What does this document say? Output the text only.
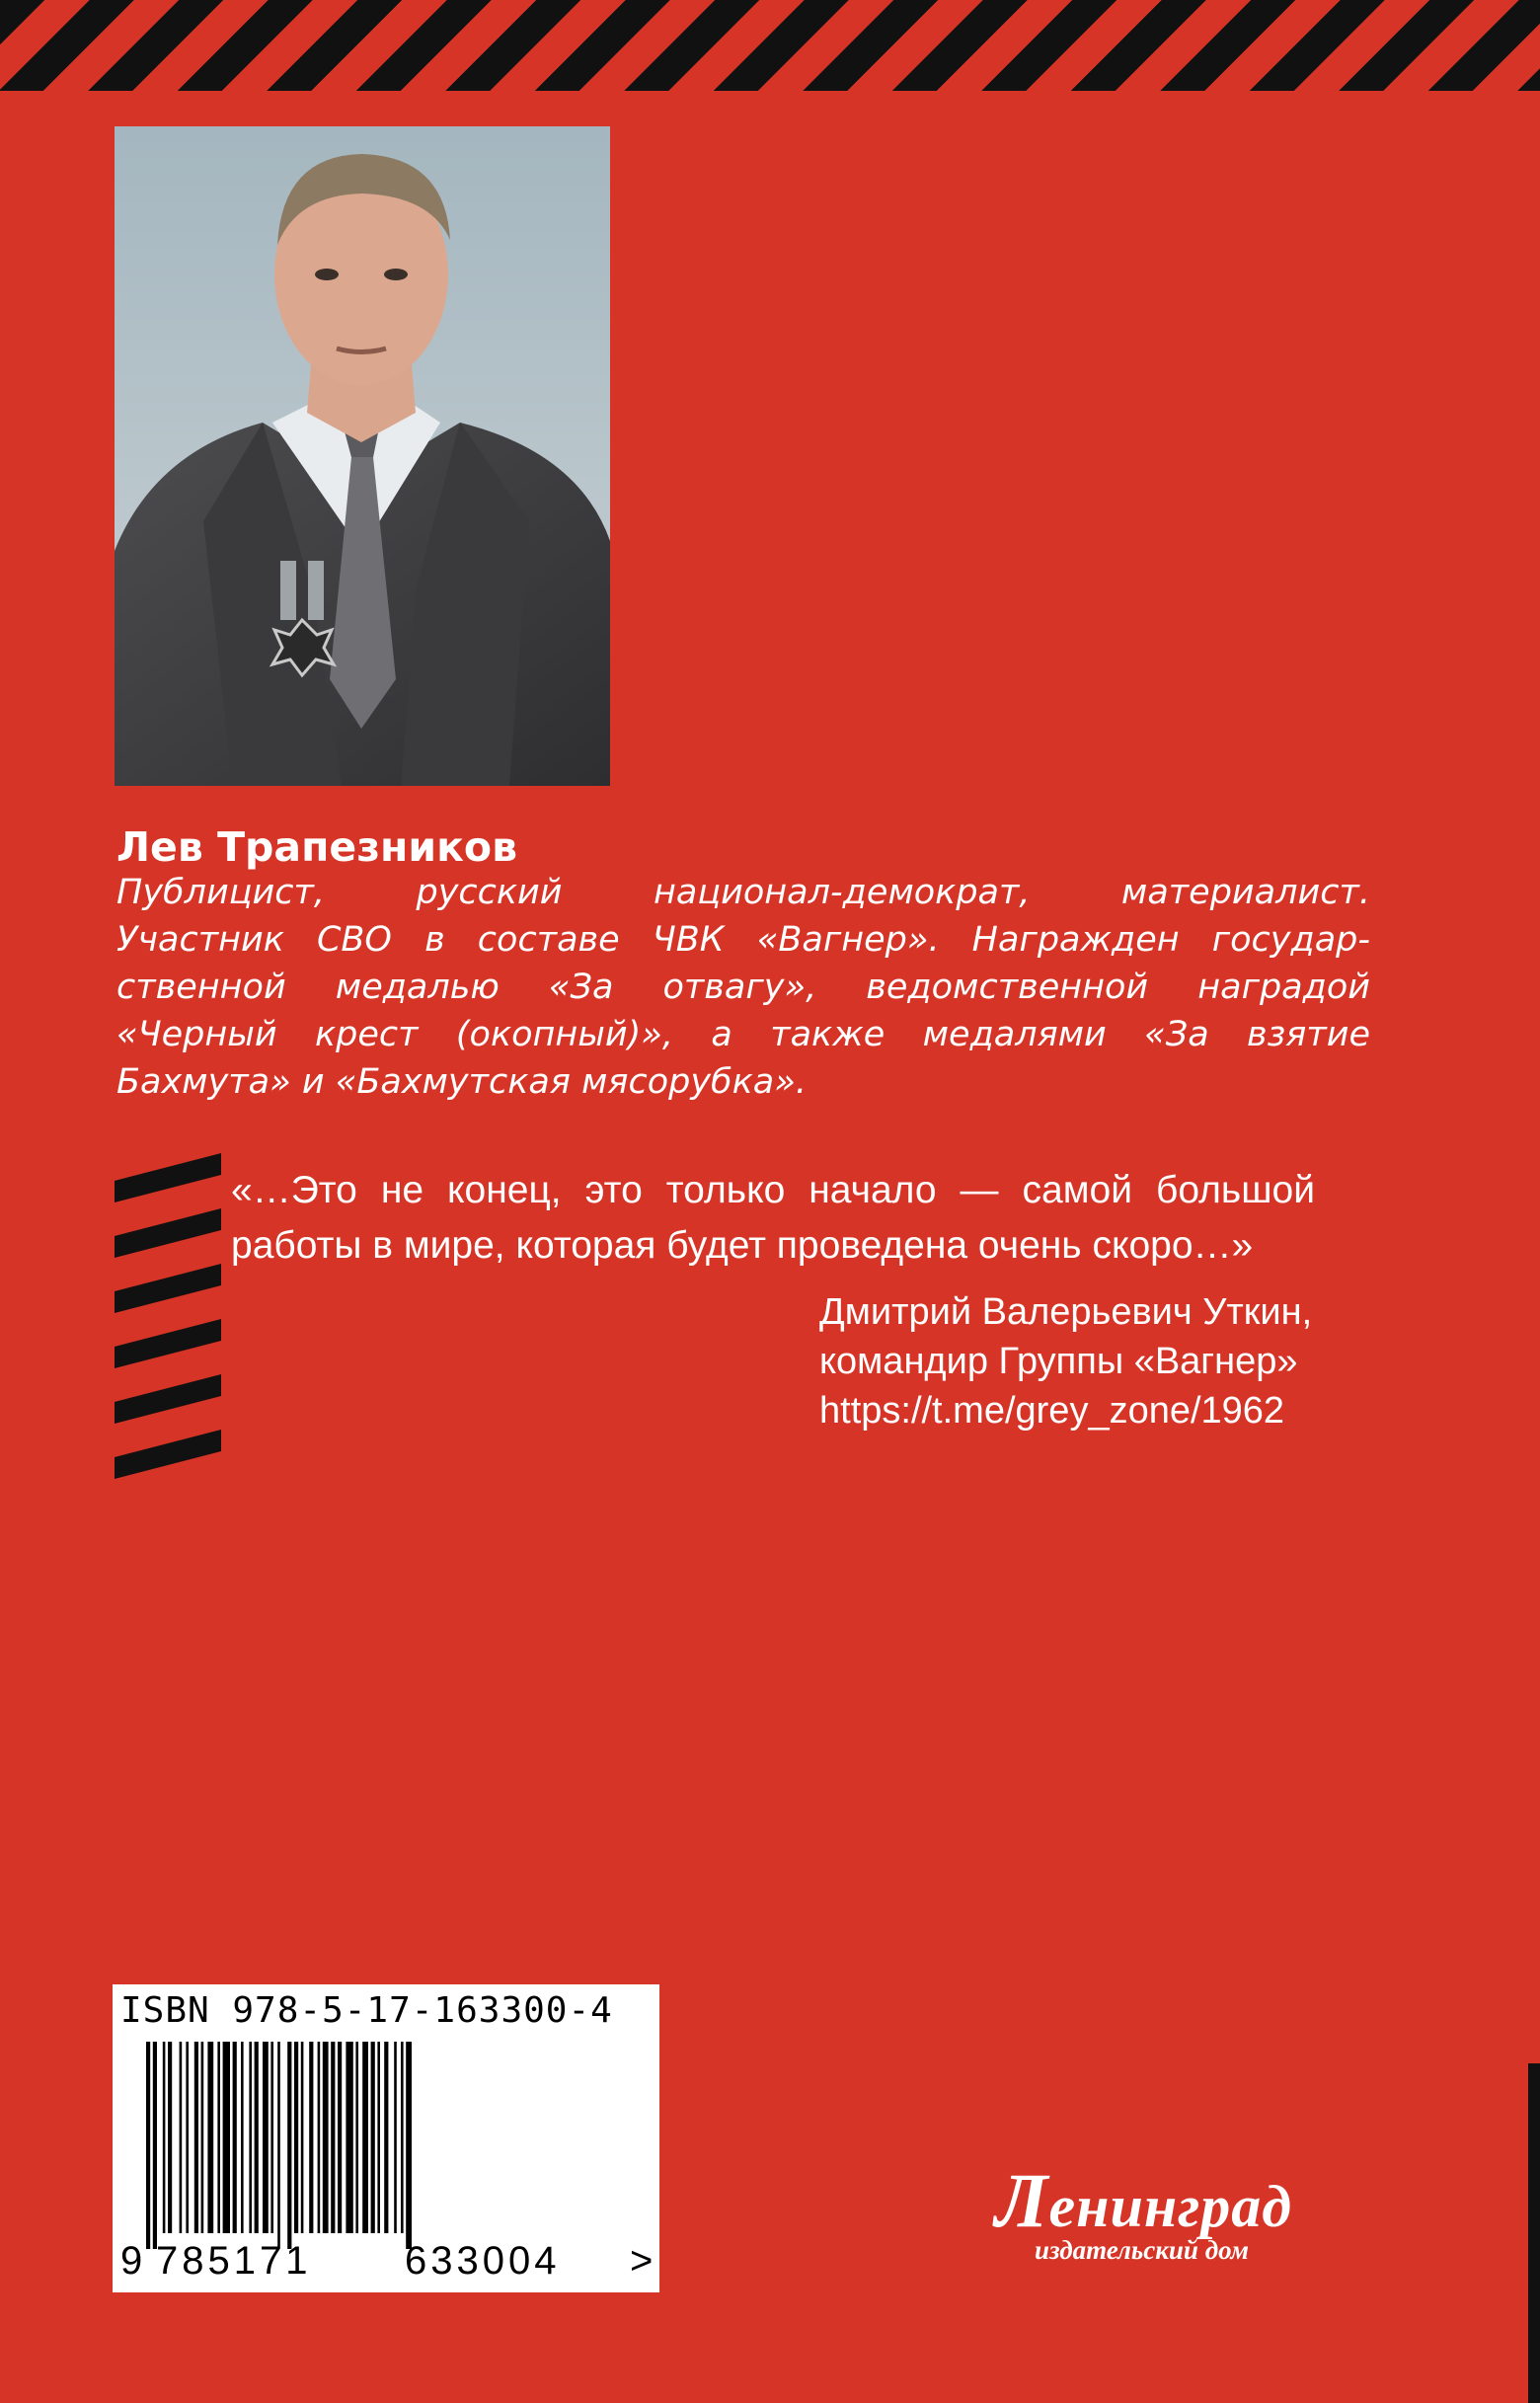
Лев Трапезников
Публицист, русский национал-демократ, материалист.
Участник СВО в составе ЧВК «Вагнер». Награжден государ-
ственной медалью «За отвагу», ведомственной наградой
«Черный крест (окопный)», а также медалями «За взятие
Бахмута» и «Бахмутская мясорубка».
«…Это не конец, это только начало — самой большой
работы в мире, которая будет проведена очень скоро…»
Дмитрий Валерьевич Уткин,
командир Группы «Вагнер»
https://t.me/grey_zone/1962
ISBN 978-5-17-163300-4
9 785171 633004 >
Ленинград
издательский дом
